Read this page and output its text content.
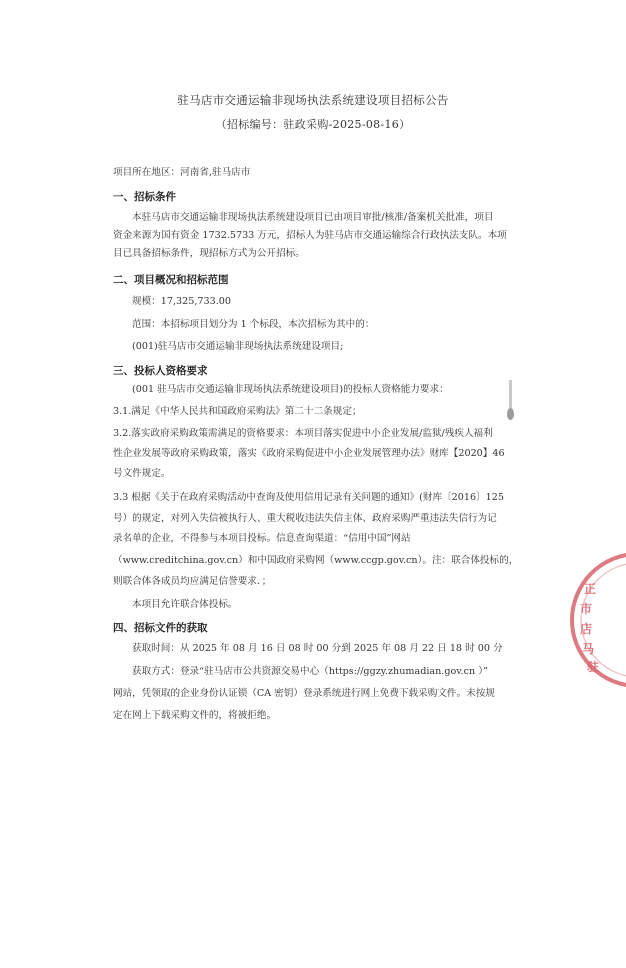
驻马店市交通运输非现场执法系统建设项目招标公告
（招标编号：驻政采购-2025-08-16）
项目所在地区：河南省,驻马店市
一、招标条件
本驻马店市交通运输非现场执法系统建设项目已由项目审批/核准/备案机关批准，项目
资金来源为国有资金 1732.5733 万元，招标人为驻马店市交通运输综合行政执法支队。本项
目已具备招标条件，现招标方式为公开招标。
二、项目概况和招标范围
规模：17,325,733.00
范围：本招标项目划分为 1 个标段，本次招标为其中的：
(001)驻马店市交通运输非现场执法系统建设项目;
三、投标人资格要求
(001 驻马店市交通运输非现场执法系统建设项目)的投标人资格能力要求：
3.1.满足《中华人民共和国政府采购法》第二十二条规定；
3.2.落实政府采购政策需满足的资格要求：本项目落实促进中小企业发展/监狱/残疾人福利
性企业发展等政府采购政策，落实《政府采购促进中小企业发展管理办法》财库【2020】46
号文件规定。
3.3 根据《关于在政府采购活动中查询及使用信用记录有关问题的通知》(财库〔2016〕125
号）的规定，对列入失信被执行人、重大税收违法失信主体、政府采购严重违法失信行为记
录名单的企业，不得参与本项目投标。信息查询渠道：“信用中国”网站
（www.creditchina.gov.cn）和中国政府采购网（www.ccgp.gov.cn）。注：联合体投标的，
则联合体各成员均应满足信誉要求．；
本项目允许联合体投标。
四、招标文件的获取
获取时间：从 2025 年 08 月 16 日 08 时 00 分到 2025 年 08 月 22 日 18 时 00 分
获取方式：登录“驻马店市公共资源交易中心（https://ggzy.zhumadian.gov.cn ）”
网站，凭领取的企业身份认证锁（CA 密钥）登录系统进行网上免费下载采购文件。未按规
定在网上下载采购文件的，将被拒绝。
正 市 店 马 驻
